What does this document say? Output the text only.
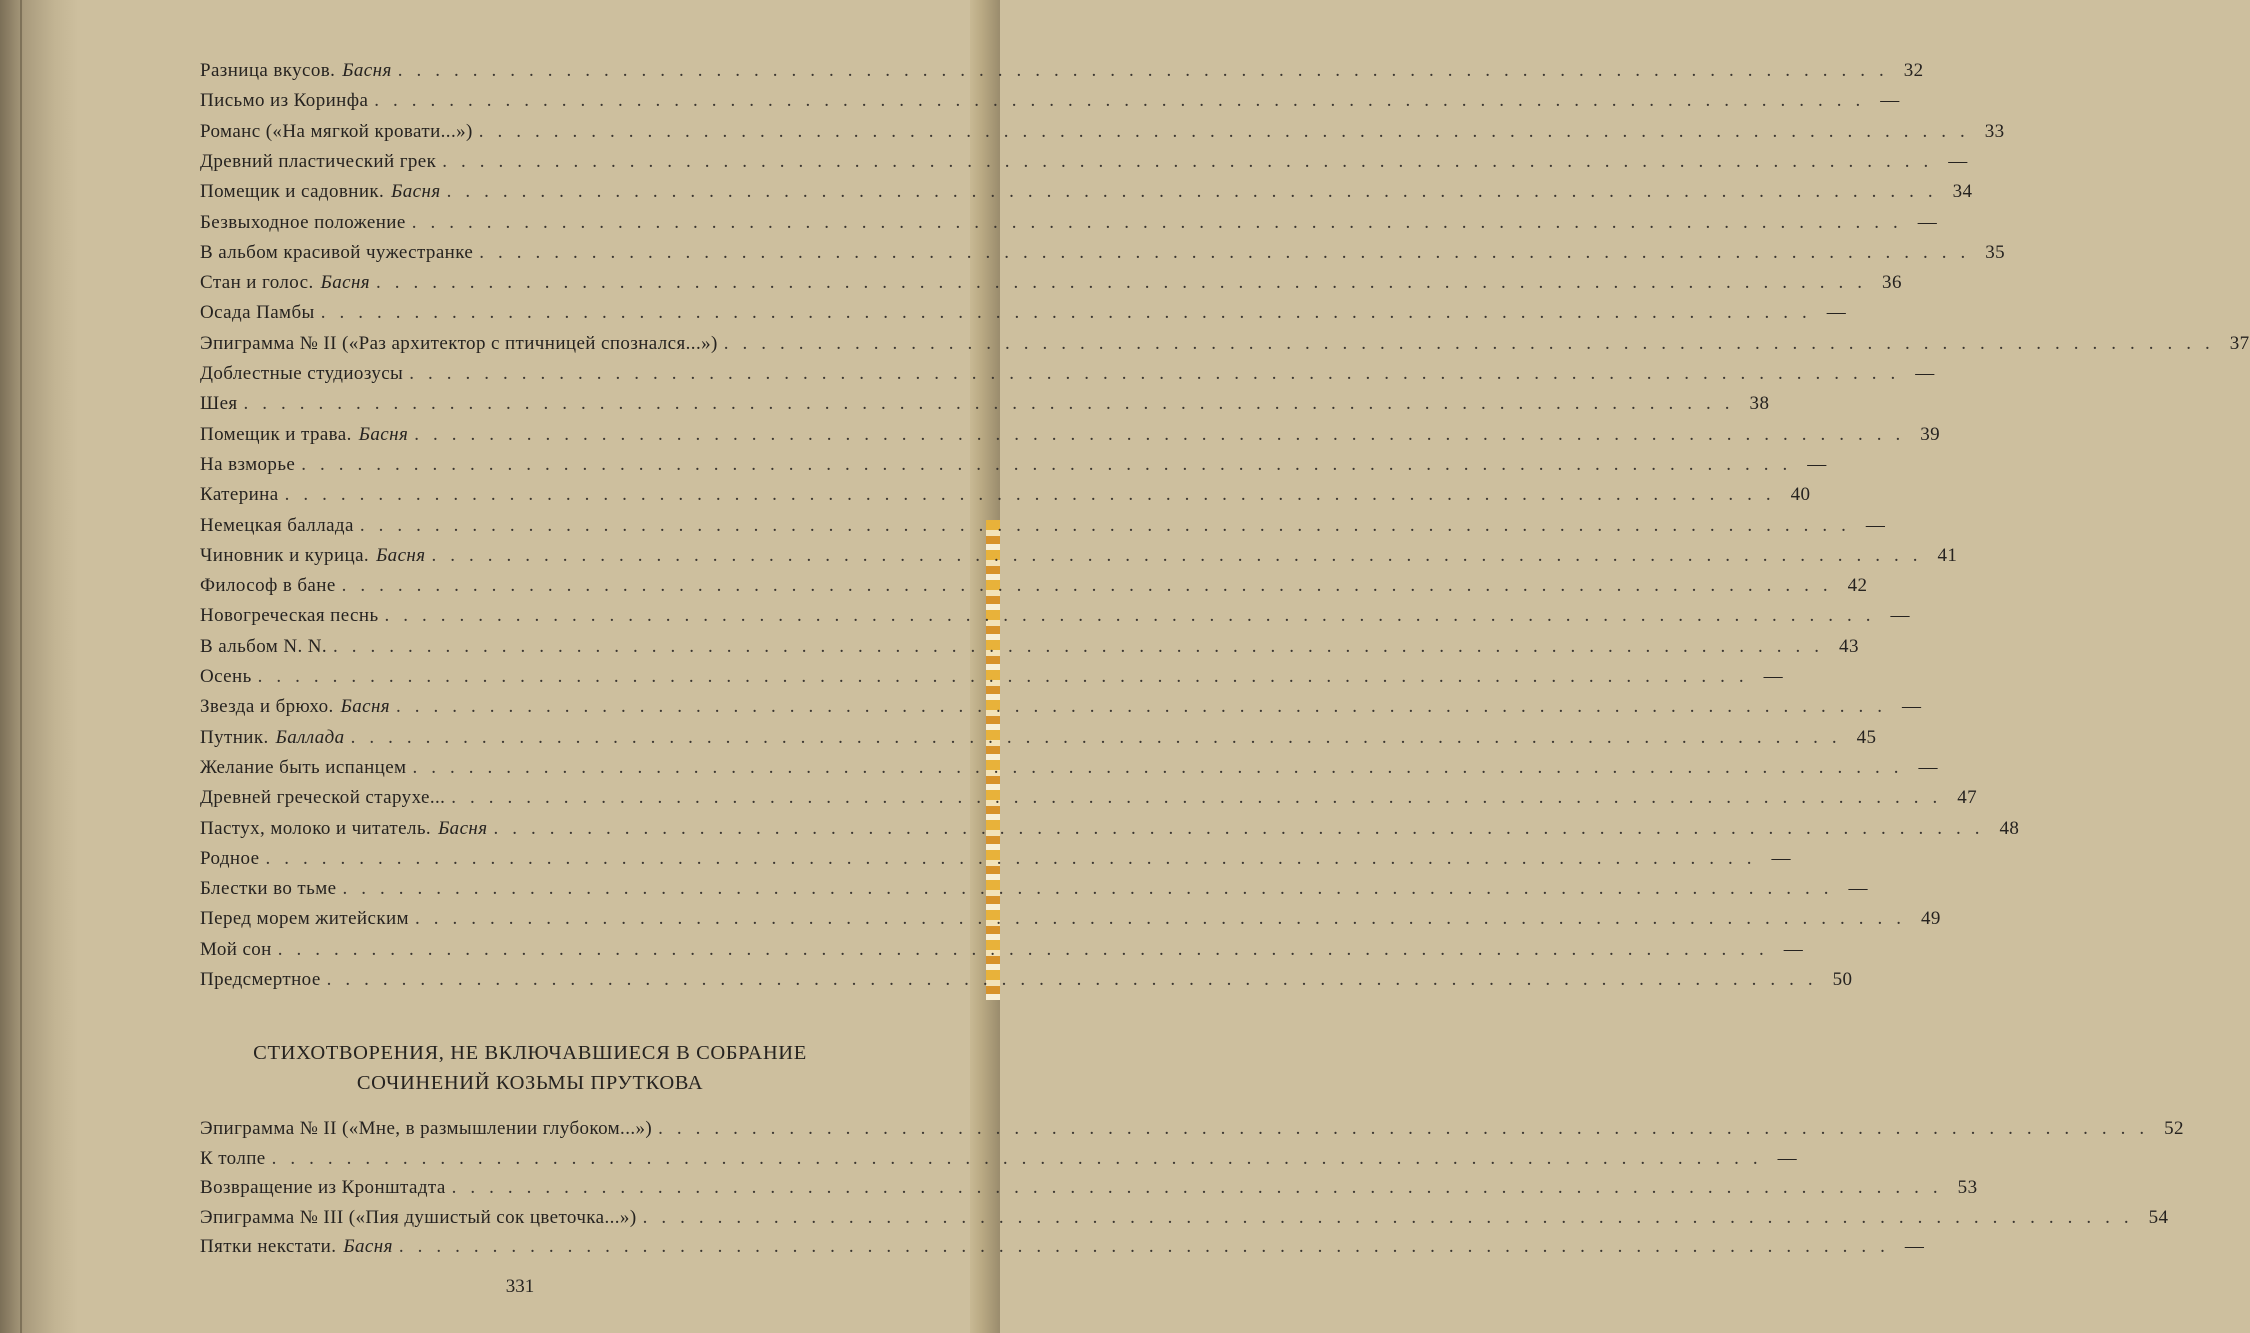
Разница вкусов. Басня ................................................................................ 32
Письмо из Коринфа ................................................................................ —
Романс («На мягкой кровати...») ................................................................................ 33
Древний пластический грек ................................................................................ —
Помещик и садовник. Басня ................................................................................ 34
Безвыходное положение ................................................................................ —
В альбом красивой чужестранке ................................................................................ 35
Стан и голос. Басня ................................................................................ 36
Осада Памбы ................................................................................ —
Эпиграмма № II («Раз архитектор с птичницей спознался...») ................................................................................ 37
Доблестные студиозусы ................................................................................ —
Шея ................................................................................ 38
Помещик и трава. Басня ................................................................................ 39
На взморье ................................................................................ —
Катерина ................................................................................ 40
Немецкая баллада ................................................................................ —
Чиновник и курица. Басня ................................................................................ 41
Философ в бане ................................................................................ 42
Новогреческая песнь ................................................................................ —
В альбом N. N. ................................................................................ 43
Осень ................................................................................ —
Звезда и брюхо. Басня ................................................................................ —
Путник. Баллада ................................................................................ 45
Желание быть испанцем ................................................................................ —
Древней греческой старухе... ................................................................................ 47
Пастух, молоко и читатель. Басня ................................................................................ 48
Родное ................................................................................ —
Блестки во тьме ................................................................................ —
Перед морем житейским ................................................................................ 49
Мой сон ................................................................................ —
Предсмертное ................................................................................ 50
СТИХОТВОРЕНИЯ, НЕ ВКЛЮЧАВШИЕСЯ В СОБРАНИЕ
СОЧИНЕНИЙ КОЗЬМЫ ПРУТКОВА
Эпиграмма № II («Мне, в размышлении глубоком...») ................................................................................ 52
К толпе ................................................................................ —
Возвращение из Кронштадта ................................................................................ 53
Эпиграмма № III («Пия душистый сок цветочка...») ................................................................................ 54
Пятки некстати. Басня ................................................................................ —
331
